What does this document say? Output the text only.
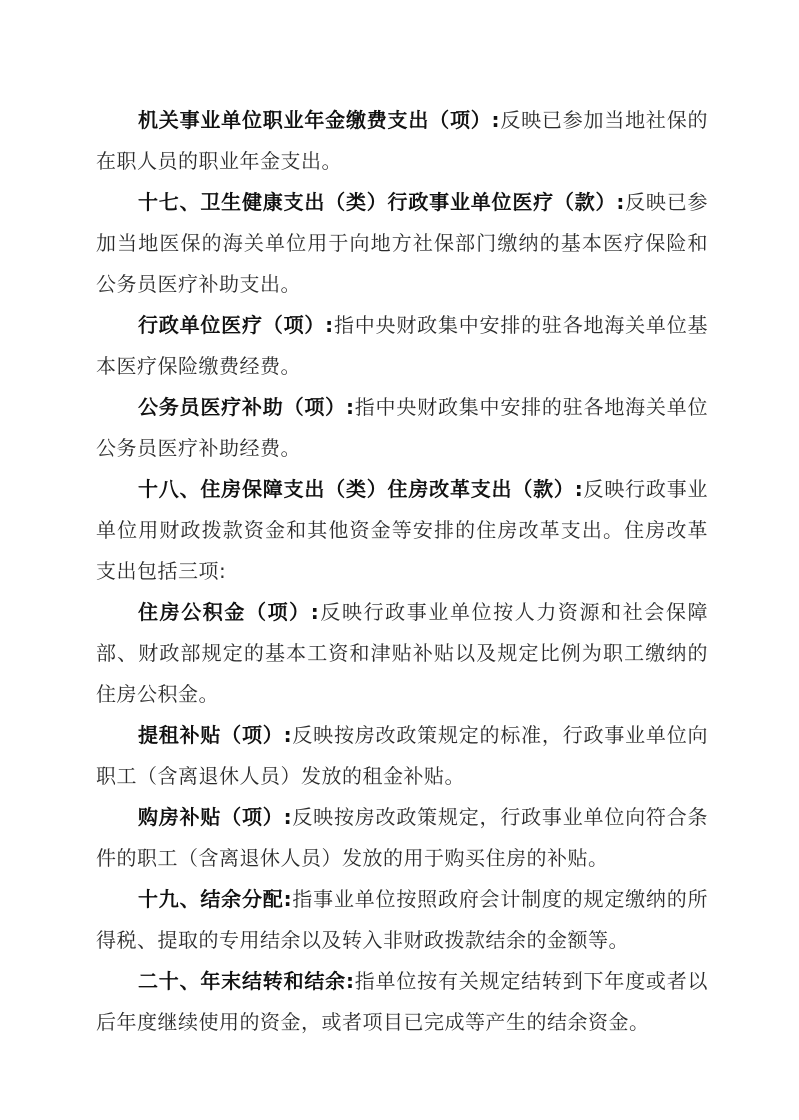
机关事业单位职业年金缴费支出（项）:反映已参加当地社保的在职人员的职业年金支出。

十七、卫生健康支出（类）行政事业单位医疗（款）:反映已参加当地医保的海关单位用于向地方社保部门缴纳的基本医疗保险和公务员医疗补助支出。

行政单位医疗（项）:指中央财政集中安排的驻各地海关单位基本医疗保险缴费经费。

公务员医疗补助（项）:指中央财政集中安排的驻各地海关单位公务员医疗补助经费。

十八、住房保障支出（类）住房改革支出（款）:反映行政事业单位用财政拨款资金和其他资金等安排的住房改革支出。住房改革支出包括三项:

住房公积金（项）:反映行政事业单位按人力资源和社会保障部、财政部规定的基本工资和津贴补贴以及规定比例为职工缴纳的住房公积金。

提租补贴（项）:反映按房改政策规定的标准，行政事业单位向职工（含离退休人员）发放的租金补贴。

购房补贴（项）:反映按房改政策规定，行政事业单位向符合条件的职工（含离退休人员）发放的用于购买住房的补贴。

十九、结余分配:指事业单位按照政府会计制度的规定缴纳的所得税、提取的专用结余以及转入非财政拨款结余的金额等。

二十、年末结转和结余:指单位按有关规定结转到下年度或者以后年度继续使用的资金，或者项目已完成等产生的结余资金。
